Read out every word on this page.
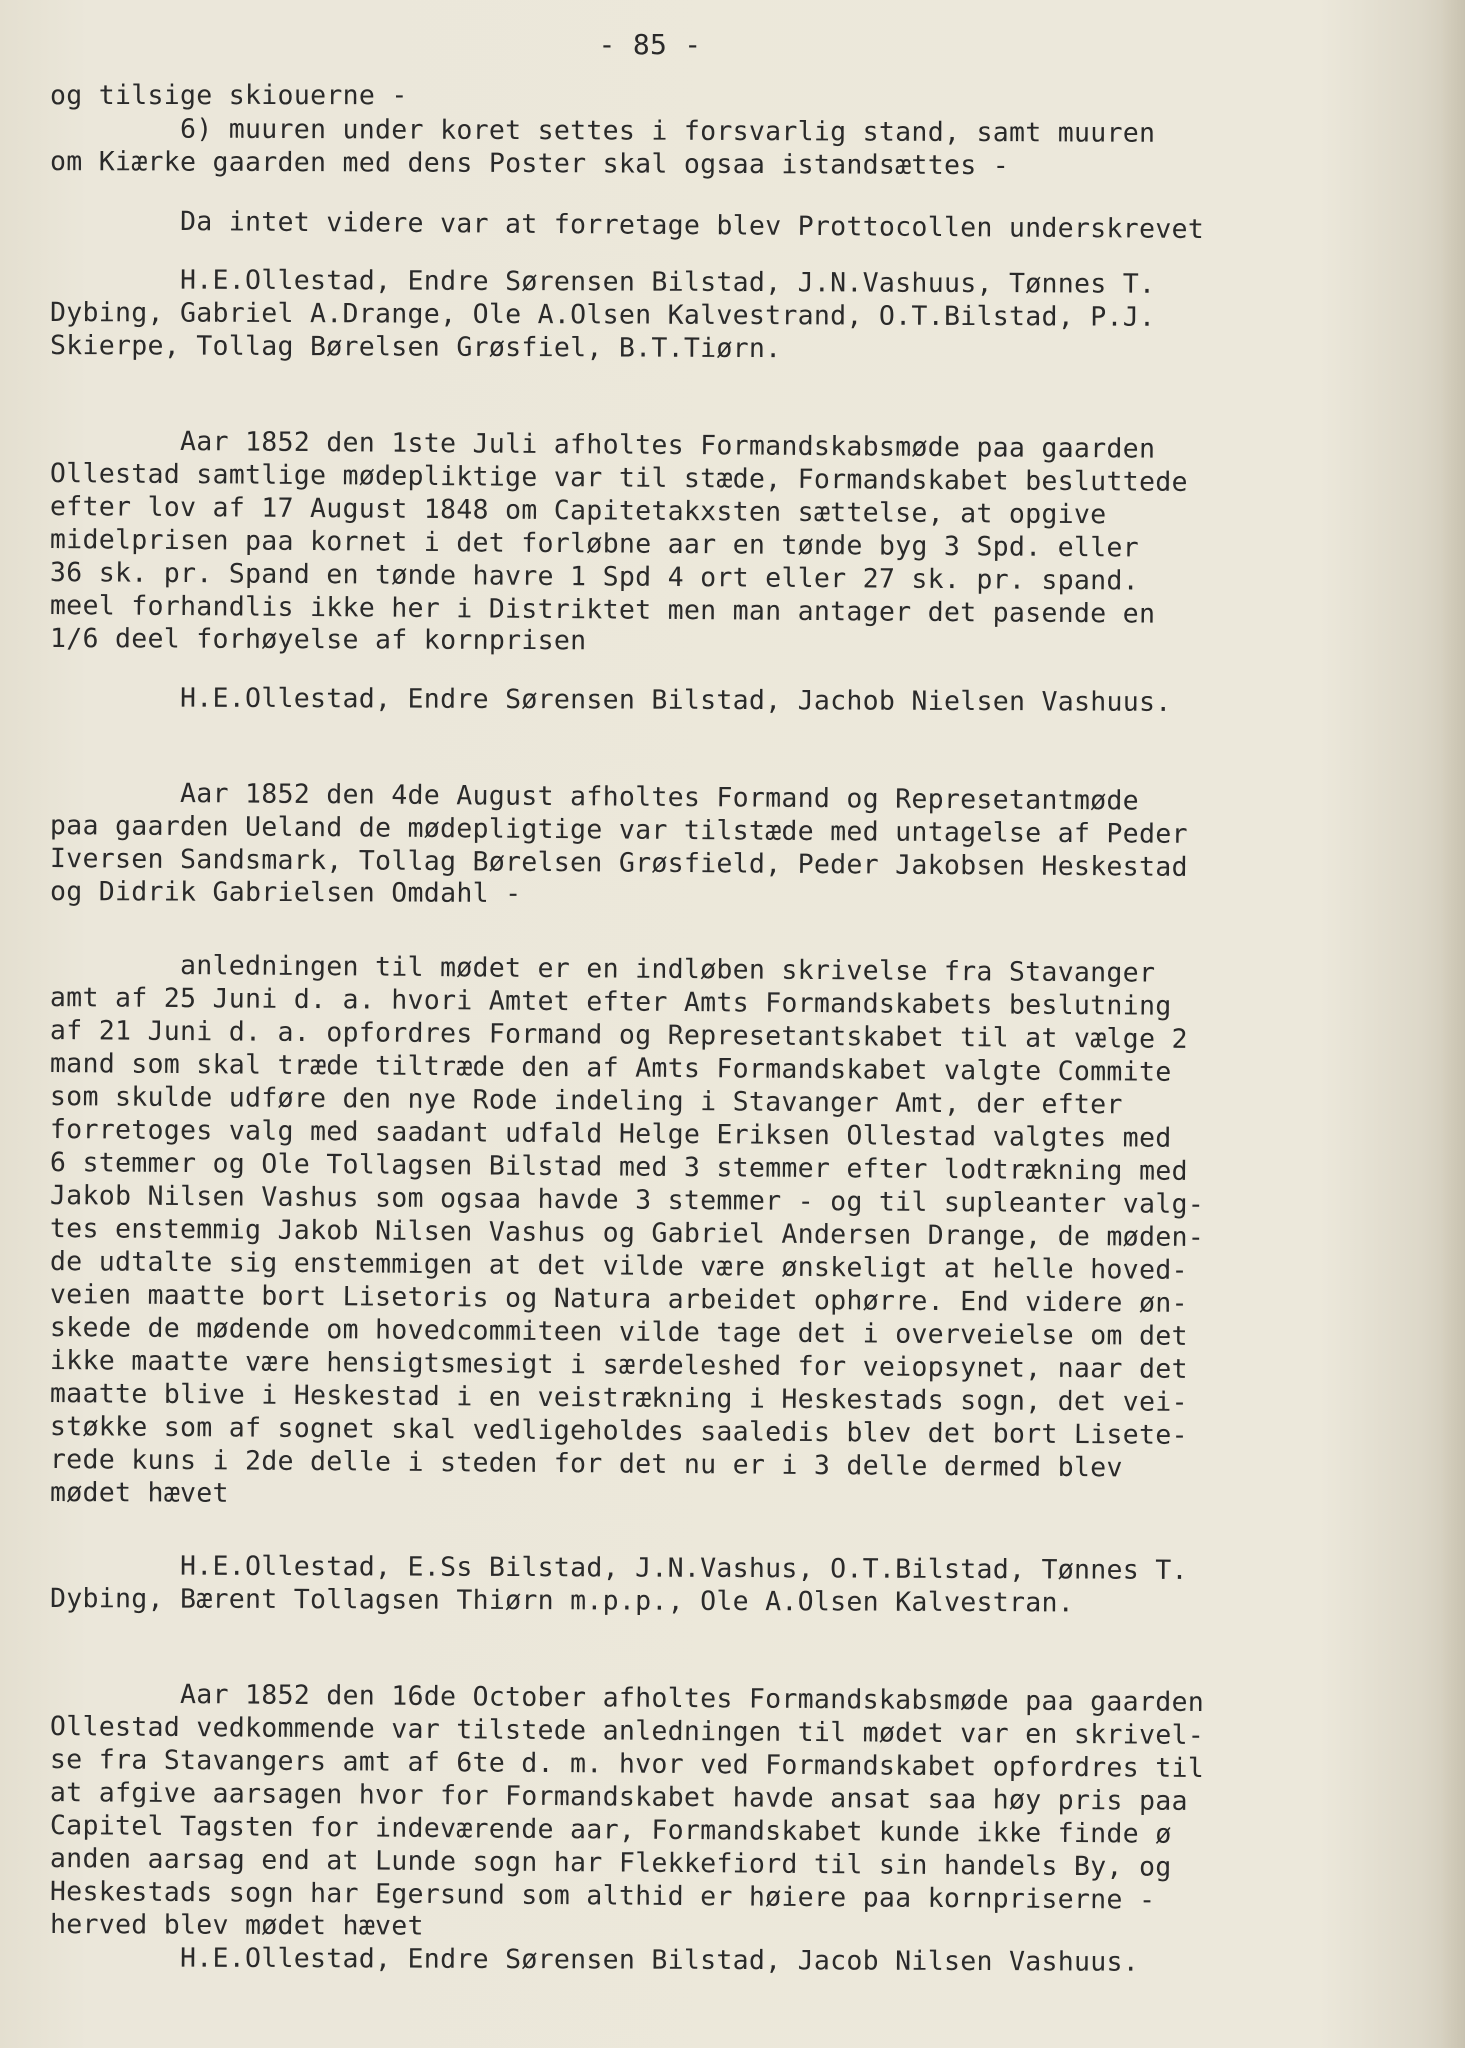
- 85 -
og tilsige skiouerne -
6) muuren under koret settes i forsvarlig stand, samt muuren
om Kiærke gaarden med dens Poster skal ogsaa istandsættes -
Da intet videre var at forretage blev Prottocollen underskrevet
H.E.Ollestad, Endre Sørensen Bilstad, J.N.Vashuus, Tønnes T.
Dybing, Gabriel A.Drange, Ole A.Olsen Kalvestrand, O.T.Bilstad, P.J.
Skierpe, Tollag Børelsen Grøsfiel, B.T.Tiørn.
Aar 1852 den 1ste Juli afholtes Formandskabsmøde paa gaarden
Ollestad samtlige mødepliktige var til stæde, Formandskabet besluttede
efter lov af 17 August 1848 om Capitetakxsten sættelse, at opgive
midelprisen paa kornet i det forløbne aar en tønde byg 3 Spd. eller
36 sk. pr. Spand en tønde havre 1 Spd 4 ort eller 27 sk. pr. spand.
meel forhandlis ikke her i Distriktet men man antager det pasende en
1/6 deel forhøyelse af kornprisen
H.E.Ollestad, Endre Sørensen Bilstad, Jachob Nielsen Vashuus.
Aar 1852 den 4de August afholtes Formand og Represetantmøde
paa gaarden Ueland de mødepligtige var tilstæde med untagelse af Peder
Iversen Sandsmark, Tollag Børelsen Grøsfield, Peder Jakobsen Heskestad
og Didrik Gabrielsen Omdahl -
anledningen til mødet er en indløben skrivelse fra Stavanger
amt af 25 Juni d. a. hvori Amtet efter Amts Formandskabets beslutning
af 21 Juni d. a. opfordres Formand og Represetantskabet til at vælge 2
mand som skal træde tiltræde den af Amts Formandskabet valgte Commite
som skulde udføre den nye Rode indeling i Stavanger Amt, der efter
forretoges valg med saadant udfald Helge Eriksen Ollestad valgtes med
6 stemmer og Ole Tollagsen Bilstad med 3 stemmer efter lodtrækning med
Jakob Nilsen Vashus som ogsaa havde 3 stemmer - og til supleanter valg-
tes enstemmig Jakob Nilsen Vashus og Gabriel Andersen Drange, de møden-
de udtalte sig enstemmigen at det vilde være ønskeligt at helle hoved-
veien maatte bort Lisetoris og Natura arbeidet ophørre. End videre øn-
skede de mødende om hovedcommiteen vilde tage det i overveielse om det
ikke maatte være hensigtsmesigt i særdeleshed for veiopsynet, naar det
maatte blive i Heskestad i en veistrækning i Heskestads sogn, det vei-
støkke som af sognet skal vedligeholdes saaledis blev det bort Lisete-
rede kuns i 2de delle i steden for det nu er i 3 delle dermed blev
mødet hævet
H.E.Ollestad, E.Ss Bilstad, J.N.Vashus, O.T.Bilstad, Tønnes T.
Dybing, Bærent Tollagsen Thiørn m.p.p., Ole A.Olsen Kalvestran.
Aar 1852 den 16de October afholtes Formandskabsmøde paa gaarden
Ollestad vedkommende var tilstede anledningen til mødet var en skrivel-
se fra Stavangers amt af 6te d. m. hvor ved Formandskabet opfordres til
at afgive aarsagen hvor for Formandskabet havde ansat saa høy pris paa
Capitel Tagsten for indeværende aar, Formandskabet kunde ikke finde ø
anden aarsag end at Lunde sogn har Flekkefiord til sin handels By, og
Heskestads sogn har Egersund som althid er høiere paa kornpriserne -
herved blev mødet hævet
H.E.Ollestad, Endre Sørensen Bilstad, Jacob Nilsen Vashuus.
